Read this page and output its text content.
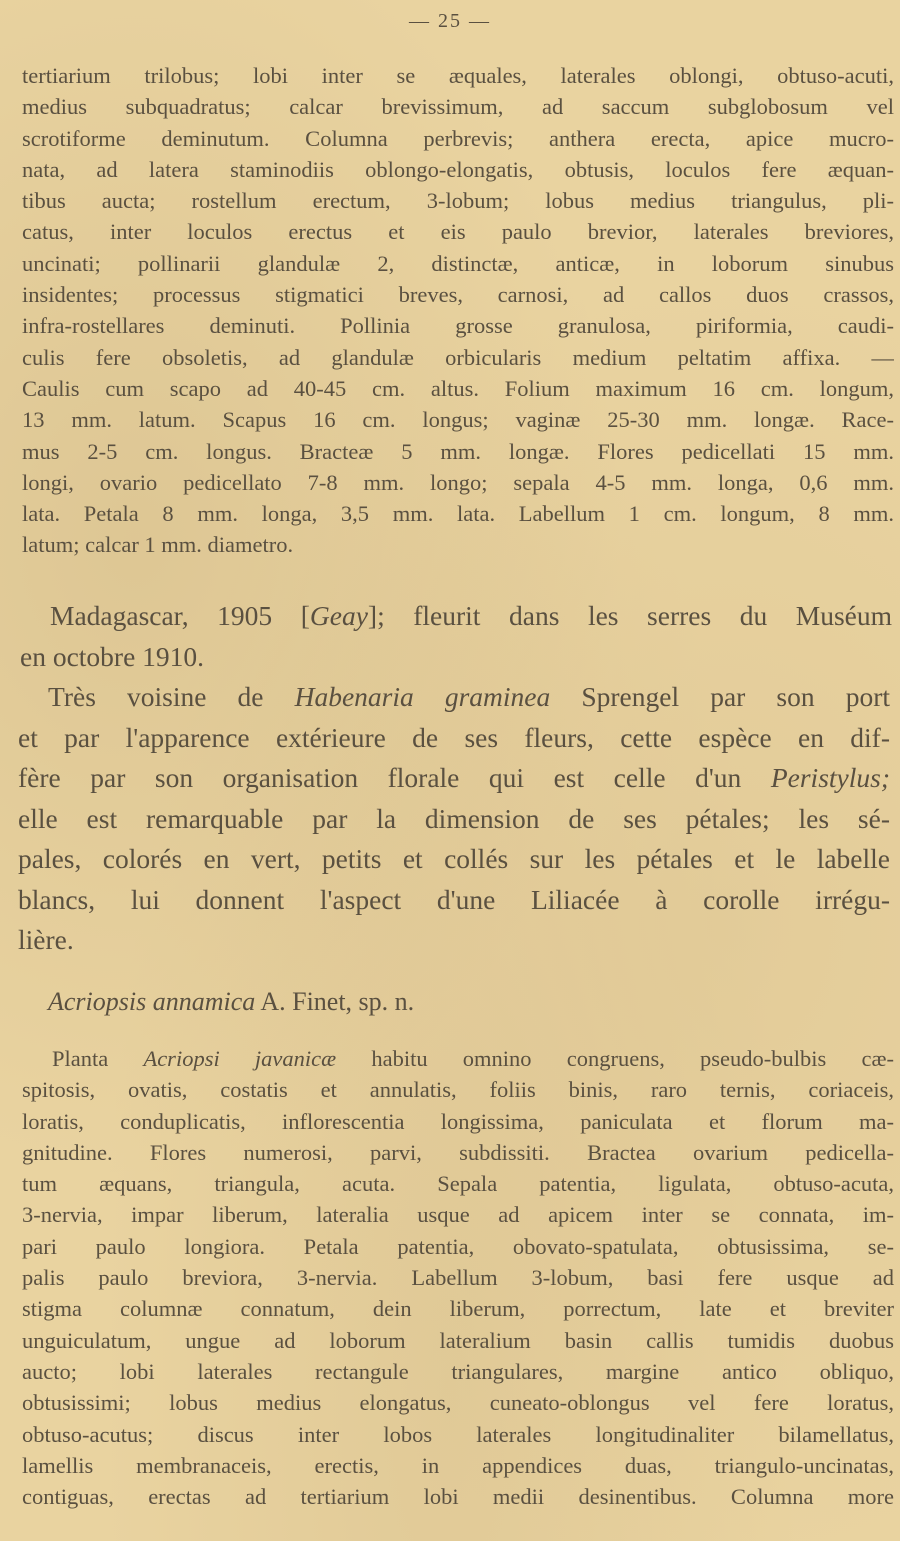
— 25 —

tertiarium trilobus; lobi inter se æquales, laterales oblongi, obtuso-acuti,

medius subquadratus; calcar brevissimum, ad saccum subglobosum vel

scrotiforme deminutum. Columna perbrevis; anthera erecta, apice mucro-

nata, ad latera staminodiis oblongo-elongatis, obtusis, loculos fere æquan-

tibus aucta; rostellum erectum, 3-lobum; lobus medius triangulus, pli-

catus, inter loculos erectus et eis paulo brevior, laterales breviores,

uncinati; pollinarii glandulæ 2, distinctæ, anticæ, in loborum sinubus

insidentes; processus stigmatici breves, carnosi, ad callos duos crassos,

infra-rostellares deminuti. Pollinia grosse granulosa, piriformia, caudi-

culis fere obsoletis, ad glandulæ orbicularis medium peltatim affixa. —

Caulis cum scapo ad 40-45 cm. altus. Folium maximum 16 cm. longum,

13 mm. latum. Scapus 16 cm. longus; vaginæ 25-30 mm. longæ. Race-

mus 2-5 cm. longus. Bracteæ 5 mm. longæ. Flores pedicellati 15 mm.

longi, ovario pedicellato 7-8 mm. longo; sepala 4-5 mm. longa, 0,6 mm.

lata. Petala 8 mm. longa, 3,5 mm. lata. Labellum 1 cm. longum, 8 mm.

latum; calcar 1 mm. diametro.

Madagascar, 1905 [Geay]; fleurit dans les serres du Muséum

en octobre 1910.

Très voisine de Habenaria graminea Sprengel par son port

et par l'apparence extérieure de ses fleurs, cette espèce en dif-

fère par son organisation florale qui est celle d'un Peristylus;

elle est remarquable par la dimension de ses pétales; les sé-

pales, colorés en vert, petits et collés sur les pétales et le labelle

blancs, lui donnent l'aspect d'une Liliacée à corolle irrégu-

lière.

Acriopsis annamica A. Finet, sp. n.

Planta Acriopsi javanicæ habitu omnino congruens, pseudo-bulbis cæ-

spitosis, ovatis, costatis et annulatis, foliis binis, raro ternis, coriaceis,

loratis, conduplicatis, inflorescentia longissima, paniculata et florum ma-

gnitudine. Flores numerosi, parvi, subdissiti. Bractea ovarium pedicella-

tum æquans, triangula, acuta. Sepala patentia, ligulata, obtuso-acuta,

3-nervia, impar liberum, lateralia usque ad apicem inter se connata, im-

pari paulo longiora. Petala patentia, obovato-spatulata, obtusissima, se-

palis paulo breviora, 3-nervia. Labellum 3-lobum, basi fere usque ad

stigma columnæ connatum, dein liberum, porrectum, late et breviter

unguiculatum, ungue ad loborum lateralium basin callis tumidis duobus

aucto; lobi laterales rectangule triangulares, margine antico obliquo,

obtusissimi; lobus medius elongatus, cuneato-oblongus vel fere loratus,

obtuso-acutus; discus inter lobos laterales longitudinaliter bilamellatus,

lamellis membranaceis, erectis, in appendices duas, triangulo-uncinatas,

contiguas, erectas ad tertiarium lobi medii desinentibus. Columna more
